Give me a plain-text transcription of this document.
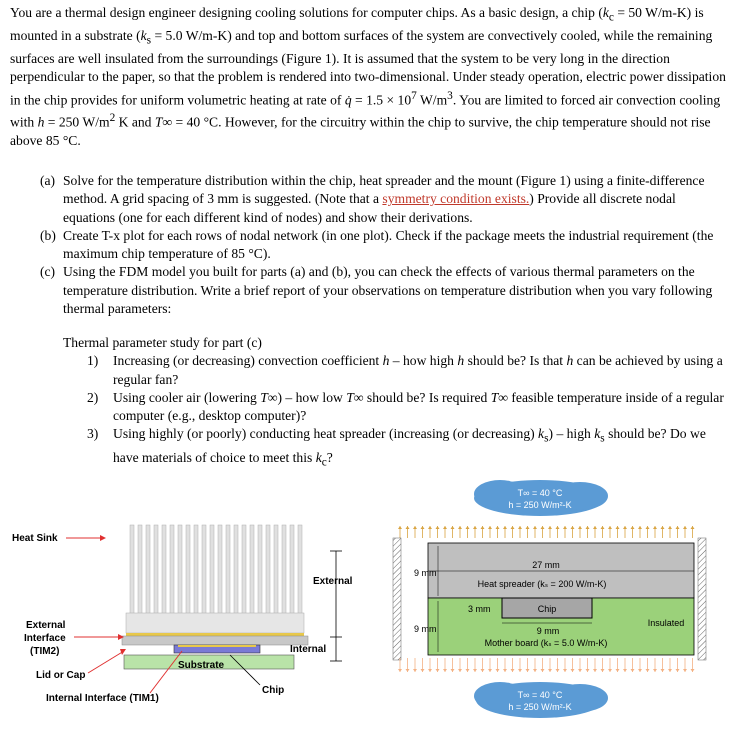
You are a thermal design engineer designing cooling solutions for computer chips. As a basic design, a chip ($k_c = 50$ W/m-K) is mounted in a substrate ($k_s = 5.0$ W/m-K) and top and bottom surfaces of the system are convectively cooled, while the remaining surfaces are well insulated from the surroundings (Figure 1). It is assumed that the system to be very long in the direction perpendicular to the paper, so that the problem is rendered into two-dimensional. Under steady operation, electric power dissipation in the chip provides for uniform volumetric heating at rate of q̇ = $1.5 \times 10^7$ $W/m^3$. You are limited to forced air convection cooling with h = 250 $W/m^2$ K and T∞ = 40 °C. However, for the circuitry within the chip to survive, the chip temperature should not rise above 85 °C.
(a) Solve for the temperature distribution within the chip, heat spreader and the mount (Figure 1) using a finite-difference method. A grid spacing of 3 mm is suggested. (Note that a symmetry condition exists.) Provide all discrete nodal equations (one for each different kind of nodes) and show their derivations.
(b) Create T-x plot for each rows of nodal network (in one plot). Check if the package meets the industrial requirement (the maximum chip temperature of 85 °C).
(c) Using the FDM model you built for parts (a) and (b), you can check the effects of various thermal parameters on the temperature distribution. Write a brief report of your observations on temperature distribution when you vary following thermal parameters:
Thermal parameter study for part (c)
1)	Increasing (or decreasing) convection coefficient h – how high h should be? Is that h can be achieved by using a regular fan?
2)	Using cooler air (lowering T∞) – how low T∞ should be? Is required T∞ feasible temperature inside of a regular computer (e.g., desktop computer)?
3)	Using highly (or poorly) conducting heat spreader (increasing (or decreasing) $k_s$) – high $k_s$ should be? Do we have materials of choice to meet this $k_c$?
External
Internal
Heat Sink
External
Interface
(TIM2)
Substrate
Lid or Cap
Chip
Internal Interface (TIM1)
T∞ = 40 °C
h = 250 W/m²-K
27 mm
9 mm
9 mm
3 mm
9 mm
Heat spreader (kₛ = 200 W/m-K)
Chip
Mother board (kₛ = 5.0 W/m-K)
Insulated
T∞ = 40 °C
h = 250 W/m²-K
